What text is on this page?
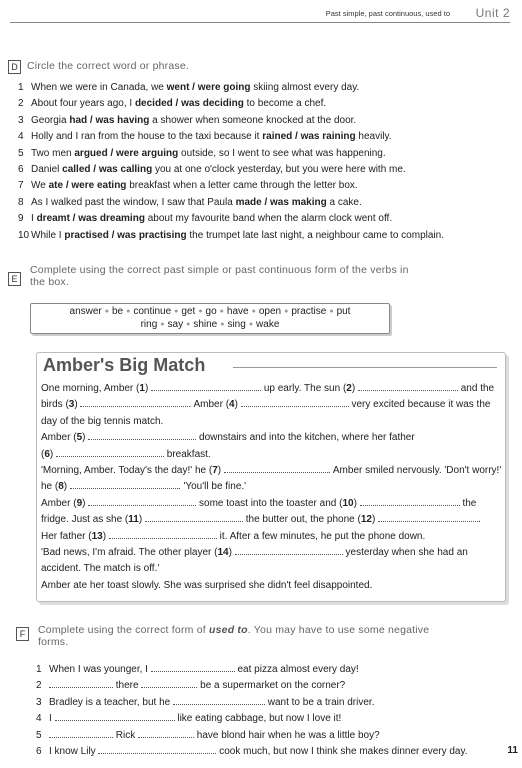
Past simple, past continuous, used to Unit 2
D Circle the correct word or phrase.
1 When we were in Canada, we went / were going skiing almost every day.
2 About four years ago, I decided / was deciding to become a chef.
3 Georgia had / was having a shower when someone knocked at the door.
4 Holly and I ran from the house to the taxi because it rained / was raining heavily.
5 Two men argued / were arguing outside, so I went to see what was happening.
6 Daniel called / was calling you at one o'clock yesterday, but you were here with me.
7 We ate / were eating breakfast when a letter came through the letter box.
8 As I walked past the window, I saw that Paula made / was making a cake.
9 I dreamt / was dreaming about my favourite band when the alarm clock went off.
10 While I practised / was practising the trumpet late last night, a neighbour came to complain.
E
Complete using the correct past simple or past continuous form of the verbs in
the box.
answer ● be ● continue ● get ● go ● have ● open ● practise ● put
ring ● say ● shine ● sing ● wake
Amber's Big Match
One morning, Amber (1)	up early. The sun (2)	and the
birds (3)	. Amber (4)	very excited because it was the
day of the big tennis match.
Amber (5)	downstairs and into the kitchen, where her father
(6)	breakfast.
'Morning, Amber. Today's the day!' he (7)	. Amber smiled nervously. 'Don't worry!'
he (8)	. 'You'll be fine.'
Amber (9)	some toast into the toaster and (10)	the
fridge. Just as she (11)	the butter out, the phone (12)	.
Her father (13)	it. After a few minutes, he put the phone down.
'Bad news, I'm afraid. The other player (14)	yesterday when she had an
accident. The match is off.'
Amber ate her toast slowly. She was surprised she didn't feel disappointed.
F	Complete using the correct form of used to. You may have to use some negative
forms.
1 When I was younger, I	eat pizza almost every day!
2	there	be a supermarket on the corner?
3 Bradley is a teacher, but he	want to be a train driver.
4 I	like eating cabbage, but now I love it!
5	Rick	have blond hair when he was a little boy?
6 I know Lily	cook much, but now I think she makes dinner every day.	11
